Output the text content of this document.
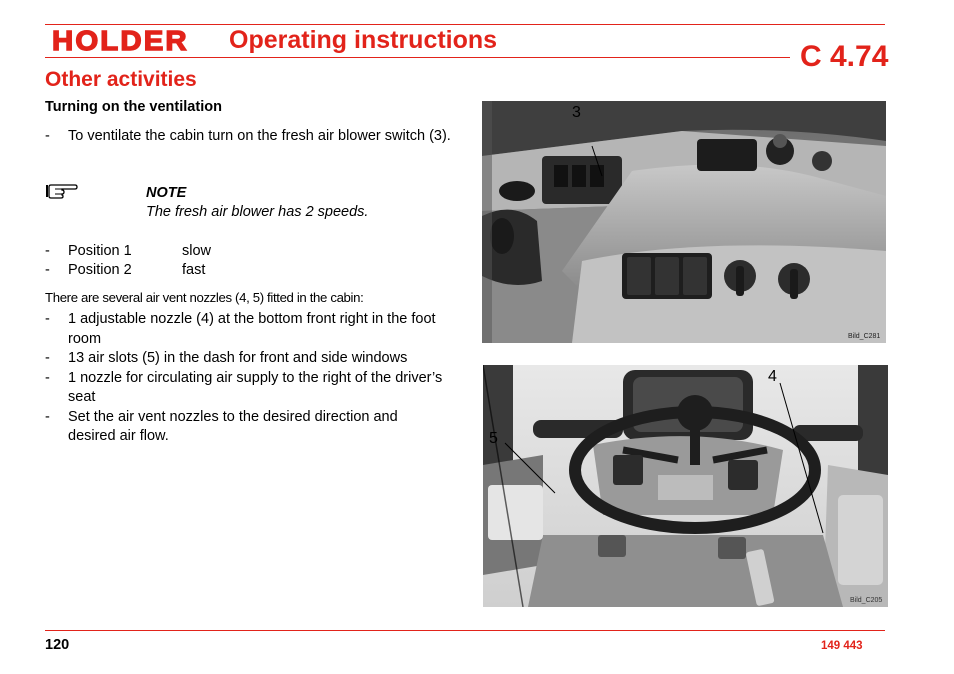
HOLDER	Operating instructions	C 4.74
Other activities
Turning on the ventilation
- To ventilate the cabin turn on the fresh air blower switch (3).
NOTE
The fresh air blower has 2 speeds.
- Position 1	slow
- Position 2	fast
There are several air vent nozzles (4, 5) fitted in the cabin:
- 1 adjustable nozzle (4) at the bottom front right in the foot room
- 13 air slots (5) in the dash for front and side windows
- 1 nozzle for circulating air supply to the right of the driver’s seat
- Set the air vent nozzles to the desired direction and desired air flow.
3
Bild_C281
4
5
Bild_C205
120	149 443
